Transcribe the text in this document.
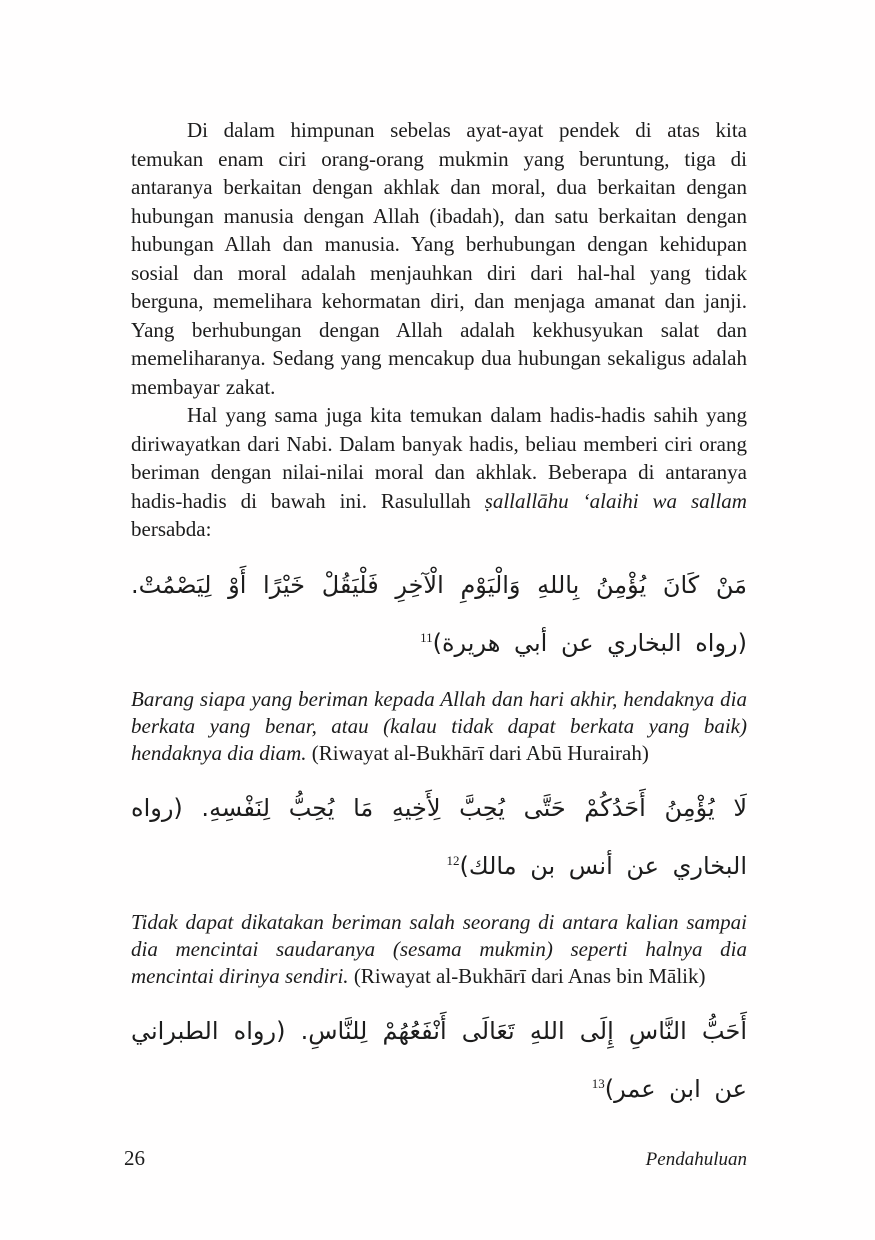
Di dalam himpunan sebelas ayat-ayat pendek di atas kita temukan enam ciri orang-orang mukmin yang beruntung, tiga di antaranya berkaitan dengan akhlak dan moral, dua berkaitan dengan hubungan manusia dengan Allah (ibadah), dan satu berkaitan dengan hubungan Allah dan manusia. Yang berhubungan dengan kehidupan sosial dan moral adalah menjauhkan diri dari hal-hal yang tidak berguna, memelihara kehormatan diri, dan menjaga amanat dan janji. Yang berhubungan dengan Allah adalah kekhusyukan salat dan memeliharanya. Sedang yang mencakup dua hubungan sekaligus adalah membayar zakat.

Hal yang sama juga kita temukan dalam hadis-hadis sahih yang diriwayatkan dari Nabi. Dalam banyak hadis, beliau memberi ciri orang beriman dengan nilai-nilai moral dan akhlak. Beberapa di antaranya hadis-hadis di bawah ini. Rasulullah ṣallallāhu ʻalaihi wa sallam bersabda:

مَنْ كَانَ يُؤْمِنُ بِاللهِ وَالْيَوْمِ الْآخِرِ فَلْيَقُلْ خَيْرًا أَوْ لِيَصْمُتْ. (رواه البخاري عن أبي هريرة)$^{11}$

Barang siapa yang beriman kepada Allah dan hari akhir, hendaknya dia berkata yang benar, atau (kalau tidak dapat berkata yang baik) hendaknya dia diam. (Riwayat al-Bukhārī dari Abū Hurairah)

لَا يُؤْمِنُ أَحَدُكُمْ حَتَّى يُحِبَّ لِأَخِيهِ مَا يُحِبُّ لِنَفْسِهِ. (رواه البخاري عن أنس بن مالك)$^{12}$

Tidak dapat dikatakan beriman salah seorang di antara kalian sampai dia mencintai saudaranya (sesama mukmin) seperti halnya dia mencintai dirinya sendiri. (Riwayat al-Bukhārī dari Anas bin Mālik)

أَحَبُّ النَّاسِ إِلَى اللهِ تَعَالَى أَنْفَعُهُمْ لِلنَّاسِ. (رواه الطبراني عن ابن عمر)$^{13}$

26	Pendahuluan
